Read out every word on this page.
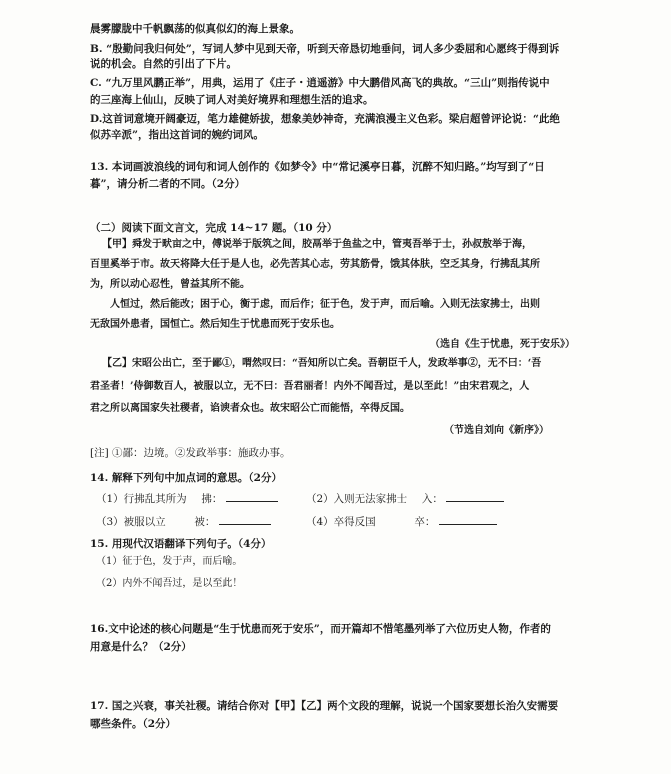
晨雾朦胧中千帆飘荡的似真似幻的海上景象。
B. “殷勤问我归何处”，写词人梦中见到天帝，听到天帝恳切地垂问，词人多少委屈和心愿终于得到诉
说的机会。自然的引出了下片。
C. “九万里风鹏正举”，用典，运用了《庄子・逍遥游》中大鹏借风高飞的典故。“三山”则指传说中
的三座海上仙山，反映了词人对美好境界和理想生活的追求。
D.这首词意境开阔豪迈，笔力雄健娇拔，想象美妙神奇，充满浪漫主义色彩。梁启超曾评论说：“此绝
似苏辛派”，指出这首词的婉约词风。
13. 本词画波浪线的词句和词人创作的《如梦令》中“常记溪亭日暮，沉醉不知归路。”均写到了“日
暮”，请分析二者的不同。（2分）
（二）阅读下面文言文，完成 14~17 题。（10 分）
【甲】舜发于畎亩之中，傅说举于版筑之间，胶鬲举于鱼盐之中，管夷吾举于士，孙叔敖举于海，
百里奚举于市。故天将降大任于是人也，必先苦其心志，劳其筋骨，饿其体肤，空乏其身，行拂乱其所
为，所以动心忍性，曾益其所不能。
人恒过，然后能改；困于心，衡于虑，而后作；征于色，发于声，而后喻。入则无法家拂士，出则
无敌国外患者，国恒亡。然后知生于忧患而死于安乐也。
（选自《生于忧患，死于安乐》）
【乙】宋昭公出亡，至于鄙①，喟然叹曰：“吾知所以亡矣。吾朝臣千人，发政举事②，无不曰：‘吾
君圣者！’侍御数百人，被服以立，无不曰：吾君丽者！内外不闻吾过，是以至此！”由宋君观之，人
君之所以离国家失社稷者，谄谀者众也。故宋昭公亡而能悟，卒得反国。
（节选自刘向《新序》）
[注] ①鄙：边境。②发政举事：施政办事。
14. 解释下列句中加点词的意思。（2分）
（1）行拂乱其所为 拂：	（2）入则无法家拂士 入：
（3）被服以立	被：	（4）卒得反国	卒：
15. 用现代汉语翻译下列句子。（4分）
（1）征于色，发于声，而后喻。
（2）内外不闻吾过，是以至此！
16.文中论述的核心问题是“生于忧患而死于安乐”，而开篇却不惜笔墨列举了六位历史人物，作者的
用意是什么？（2分）
17. 国之兴衰，事关社稷。请结合你对【甲】【乙】两个文段的理解，说说一个国家要想长治久安需要
哪些条件。（2分）
